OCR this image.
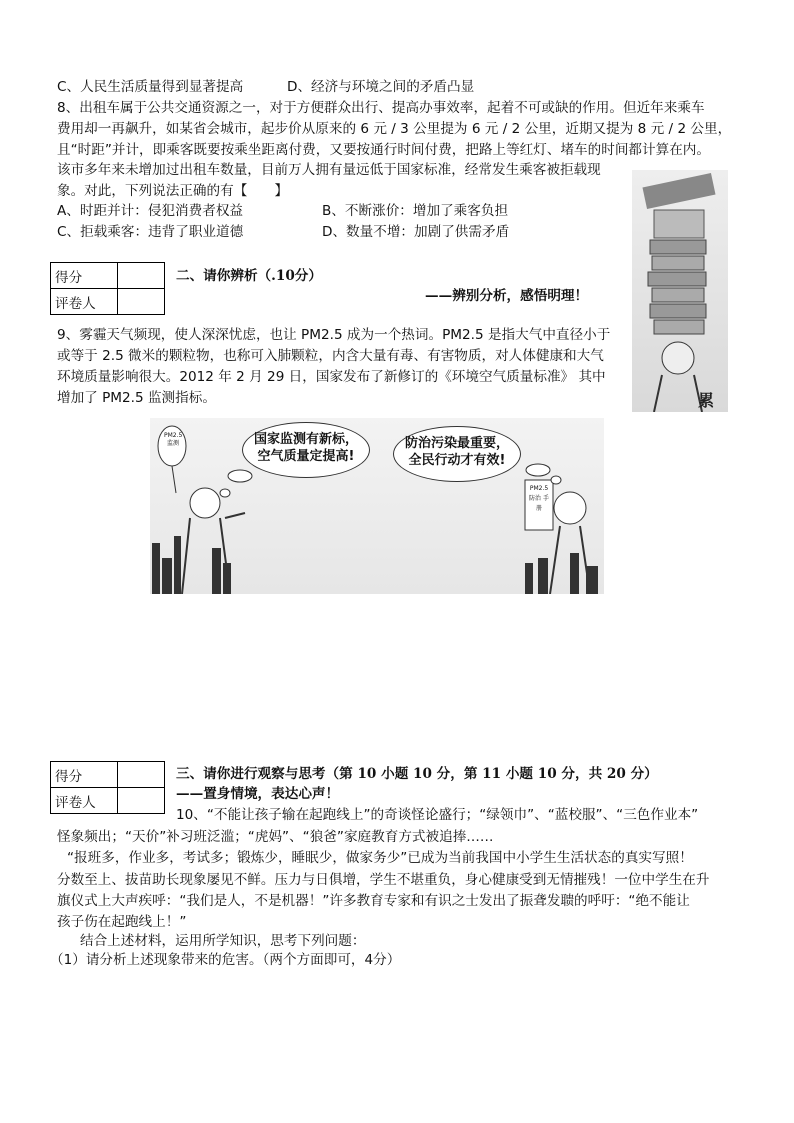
C、人民生活质量得到显著提高	D、经济与环境之间的矛盾凸显
8、出租车属于公共交通资源之一，对于方便群众出行、提高办事效率，起着不可或缺的作用。但近年来乘车
费用却一再飙升，如某省会城市，起步价从原来的 6 元 / 3 公里提为 6 元 / 2 公里，近期又提为 8 元 / 2 公里，
且“时距”并计，即乘客既要按乘坐距离付费，又要按通行时间付费，把路上等红灯、堵车的时间都计算在内。
该市多年来未增加过出租车数量，目前万人拥有量远低于国家标准，经常发生乘客被拒载现
象。对此，下列说法正确的有【　　】
A、时距并计：侵犯消费者权益	B、不断涨价：增加了乘客负担
C、拒载乘客：违背了职业道德	D、数量不增：加剧了供需矛盾
累
得分	
评卷人	
二、请你辨析（.10分）
——辨别分析，感悟明理！
9、雾霾天气频现，使人深深忧虑，也让 PM2.5 成为一个热词。PM2.5 是指大气中直径小于
或等于 2.5 微米的颗粒物，也称可入肺颗粒，内含大量有毒、有害物质，对人体健康和大气
环境质量影响很大。2012 年 2 月 29 日，国家发布了新修订的《环境空气质量标准》 其中
增加了 PM2.5 监测指标。
PM2.5 监测	国家监测有新标，
空气质量定提高!
防治污染最重要，
全民行动才有效!
PM2.5 防治 手册
得分	
评卷人	
三、请你进行观察与思考（第 10 小题 10 分，第 11 小题 10 分，共 20 分）
——置身情境，表达心声！
10、“不能让孩子输在起跑线上”的奇谈怪论盛行；“绿领巾”、“蓝校服”、“三色作业本”
怪象频出；“天价”补习班泛滥；“虎妈”、“狼爸”家庭教育方式被追捧……
“报班多，作业多，考试多；锻炼少，睡眠少，做家务少”已成为当前我国中小学生生活状态的真实写照！
分数至上、拔苗助长现象屡见不鲜。压力与日俱增，学生不堪重负，身心健康受到无情摧残！一位中学生在升
旗仪式上大声疾呼：“我们是人，不是机器！”许多教育专家和有识之士发出了振聋发聩的呼吁：“绝不能让
孩子伤在起跑线上！”
结合上述材料，运用所学知识，思考下列问题：
（1）请分析上述现象带来的危害。（两个方面即可，4分）
